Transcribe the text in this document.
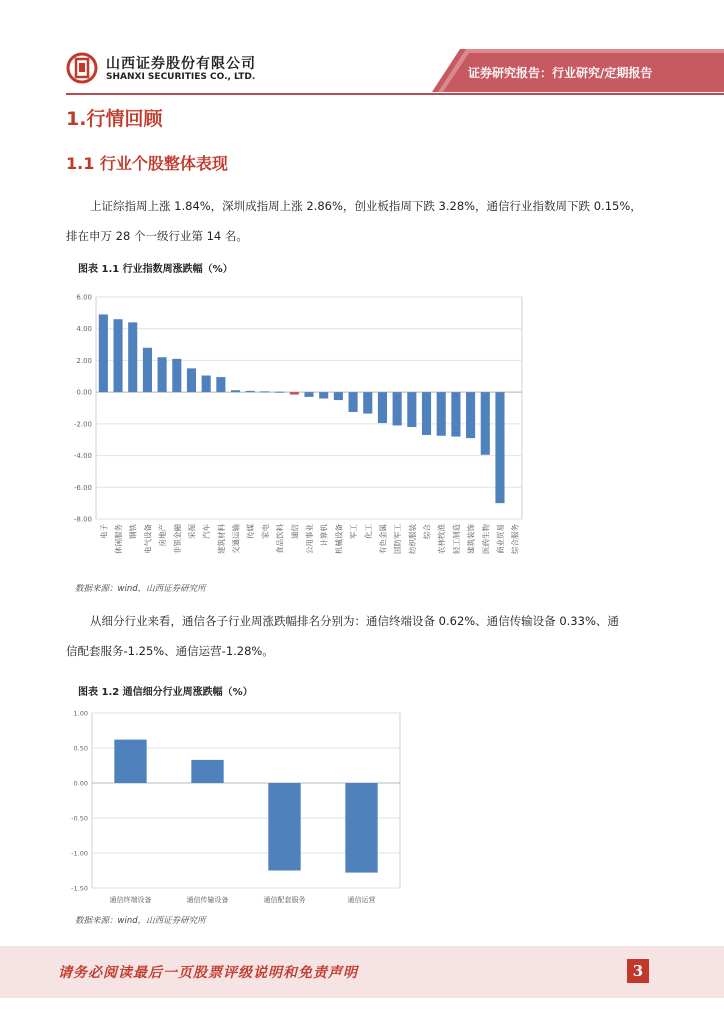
山西证券股份有限公司
SHANXI SECURITIES CO., LTD.	证券研究报告：行业研究/定期报告
1.行情回顾
1.1 行业个股整体表现
上证综指周上涨 1.84%，深圳成指周上涨 2.86%，创业板指周下跌 3.28%，通信行业指数周下跌 0.15%，
排在申万 28 个一级行业第 14 名。
图表 1.1 行业指数周涨跌幅（%）
6.00
4.00
2.00
0.00
-2.00
-4.00
-6.00
-8.00
电子 休闲服务 钢铁 电气设备 房地产 非银金融 采掘 汽车 建筑材料 交通运输 传媒 家电 食品饮料 通信 公用事业 计算机 机械设备 军工 化工 有色金属 国防军工 纺织服装 综合 农林牧渔 轻工制造 建筑装饰 医药生物 商业贸易 综合服务
数据来源：wind，山西证券研究所
从细分行业来看，通信各子行业周涨跌幅排名分别为：通信终端设备 0.62%、通信传输设备 0.33%、通
信配套服务-1.25%、通信运营-1.28%。
图表 1.2 通信细分行业周涨跌幅（%）
1.00
0.50
0.00
-0.50
-1.00
-1.50
通信终端设备	通信传输设备	通信配套服务	通信运营
数据来源：wind，山西证券研究所
请务必阅读最后一页股票评级说明和免责声明	3
